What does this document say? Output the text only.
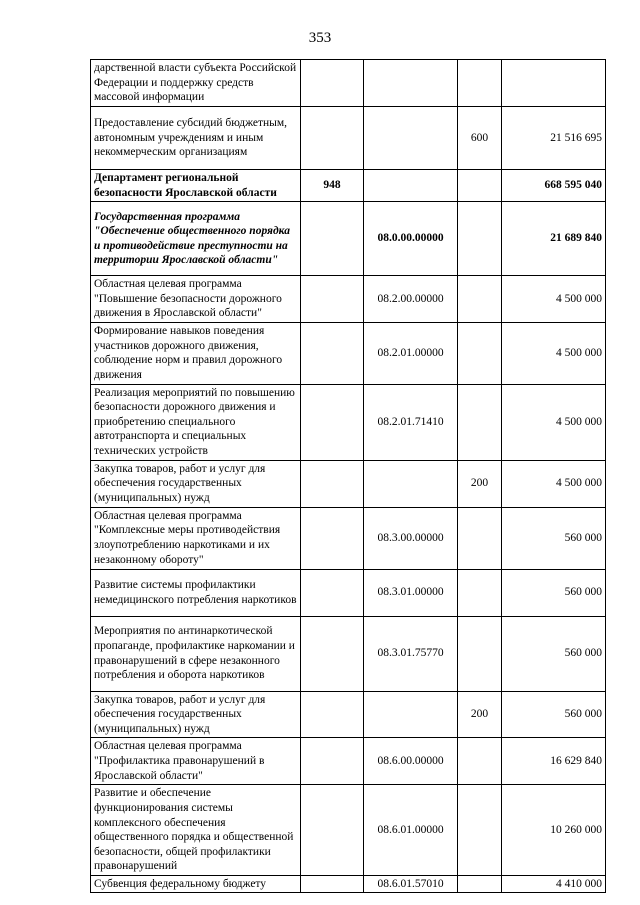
353
дарственной власти субъекта Российской Федерации и поддержку средств массовой информации				
Предоставление субсидий бюджетным, автономным учреждениям и иным некоммерческим организациям			600	21 516 695
Департамент региональной безопасности Ярославской области	948			668 595 040
Государственная программа "Обеспечение общественного порядка и противодействие преступности на территории Ярославской области"		08.0.00.00000		21 689 840
Областная целевая программа "Повышение безопасности дорожного движения в Ярославской области"		08.2.00.00000		4 500 000
Формирование навыков поведения участников дорожного движения, соблюдение норм и правил дорожного движения		08.2.01.00000		4 500 000
Реализация мероприятий по повышению безопасности дорожного движения и приобретению специального автотранспорта и специальных технических устройств		08.2.01.71410		4 500 000
Закупка товаров, работ и услуг для обеспечения государственных (муниципальных) нужд			200	4 500 000
Областная целевая программа "Комплексные меры противодействия злоупотреблению наркотиками и их незаконному обороту"		08.3.00.00000		560 000
Развитие системы профилактики немедицинского потребления наркотиков		08.3.01.00000		560 000
Мероприятия по антинаркотической пропаганде, профилактике наркомании и правонарушений в сфере незаконного потребления и оборота наркотиков		08.3.01.75770		560 000
Закупка товаров, работ и услуг для обеспечения государственных (муниципальных) нужд			200	560 000
Областная целевая программа "Профилактика правонарушений в Ярославской области"		08.6.00.00000		16 629 840
Развитие и обеспечение функционирования системы комплексного обеспечения общественного порядка и общественной безопасности, общей профилактики правонарушений		08.6.01.00000		10 260 000
Субвенция федеральному бюджету		08.6.01.57010		4 410 000
